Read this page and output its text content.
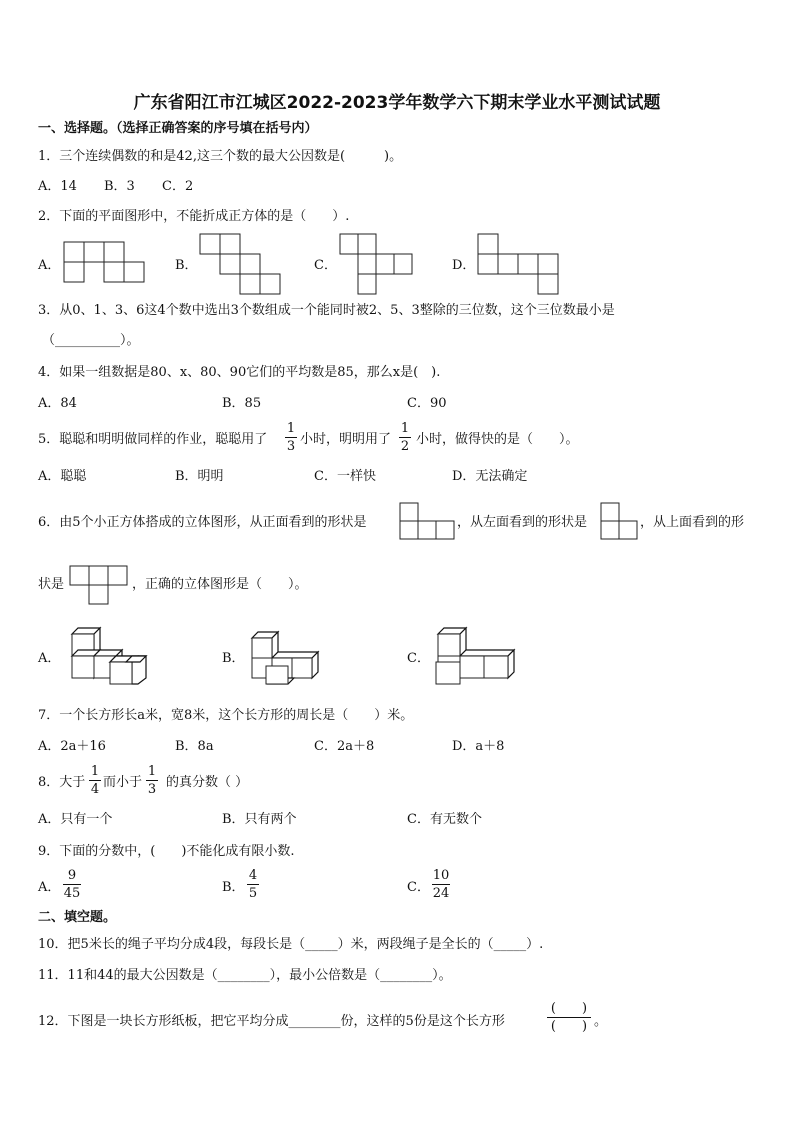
广东省阳江市江城区2022-2023学年数学六下期末学业水平测试试题
一、选择题。（选择正确答案的序号填在括号内）
1．三个连续偶数的和是42,这三个数的最大公因数是(　　　)。
A．14 B．3 C．2
2．下面的平面图形中，不能折成正方体的是（　　）.
A．	B．	C．	D．
3．从0、1、3、6这4个数中选出3个数组成一个能同时被2、5、3整除的三位数，这个三位数最小是
（__________）。
4．如果一组数据是80、x、80、90它们的平均数是85，那么x是(　).
A．84	B．85	C．90
5．聪聪和明明做同样的作业，聪聪用了
1
3 小时，明明用了
1
2 小时，做得快的是（　　）。
A．聪聪	B．明明	C．一样快	D．无法确定
6．由5个小正方体搭成的立体图形，从正面看到的形状是	，从左面看到的形状是	，从上面看到的形
状是	，正确的立体图形是（　　）。
A．	B．	C．
7．一个长方形长a米，宽8米，这个长方形的周长是（　　）米。
A．2a＋16	B．8a	C．2a＋8	D．a＋8
8．大于
1
4 而小于
1
3 的真分数（ ）
A．只有一个	B．只有两个	C．有无数个
9．下面的分数中，(　　)不能化成有限小数.
A．
9
45	B．
4
5	C．
10
24
二、填空题。
10．把5米长的绳子平均分成4段，每段长是（_____）米，两段绳子是全长的（_____）.
11．11和44的最大公因数是（________），最小公倍数是（________）。
12．下图是一块长方形纸板，把它平均分成________份，这样的5份是这个长方形
(　　)
(　　) 。
